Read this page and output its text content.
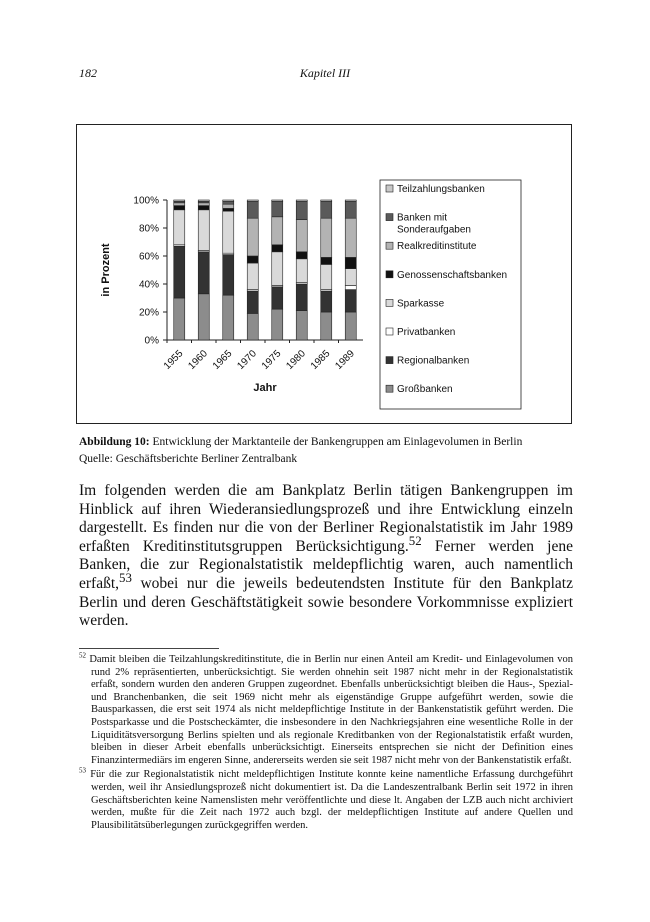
182	Kapitel III
0%
20%
40%
60%
80%
100%
1955 1960 1965 1970 1975 1980 1985 1989
in Prozent
Jahr
Teilzahlungsbanken
Banken mit
Sonderaufgaben
Realkreditinstitute
Genossenschaftsbanken
Sparkasse
Privatbanken
Regionalbanken
Großbanken
Abbildung 10: Entwicklung der Marktanteile der Bankengruppen am Einlagevolumen in Berlin
Quelle: Geschäftsberichte Berliner Zentralbank
Im folgenden werden die am Bankplatz Berlin tätigen Bankengruppen im Hinblick auf ihren Wiederansiedlungsprozeß und ihre Entwicklung einzeln dargestellt. Es finden nur die von der Berliner Regionalstatistik im Jahr 1989 erfaßten Kreditinstitutsgruppen Berücksichtigung.$^{52}$ Ferner werden jene Banken, die zur Regionalstatistik meldepflichtig waren, auch namentlich erfaßt,$^{53}$ wobei nur die jeweils bedeutendsten Institute für den Bankplatz Berlin und deren Geschäftstätigkeit sowie besondere Vorkommnisse expliziert werden.
$^{52}$ Damit bleiben die Teilzahlungskreditinstitute, die in Berlin nur einen Anteil am Kredit- und Einlagevolumen von rund 2% repräsentierten, unberücksichtigt. Sie werden ohnehin seit 1987 nicht mehr in der Regionalstatistik erfaßt, sondern wurden den anderen Gruppen zugeordnet. Ebenfalls unberücksichtigt bleiben die Haus-, Spezial- und Branchenbanken, die seit 1969 nicht mehr als eigenständige Gruppe aufgeführt werden, sowie die Bausparkassen, die erst seit 1974 als nicht meldepflichtige Institute in der Bankenstatistik geführt werden. Die Postsparkasse und die Postscheckämter, die insbesondere in den Nachkriegsjahren eine wesentliche Rolle in der Liquiditätsversorgung Berlins spielten und als regionale Kreditbanken von der Regionalstatistik erfaßt wurden, bleiben in dieser Arbeit ebenfalls unberücksichtigt. Einerseits entsprechen sie nicht der Definition eines Finanzintermediärs im engeren Sinne, andererseits werden sie seit 1987 nicht mehr von der Bankenstatistik erfaßt.
$^{53}$ Für die zur Regionalstatistik nicht meldepflichtigen Institute konnte keine namentliche Erfassung durchgeführt werden, weil ihr Ansiedlungsprozeß nicht dokumentiert ist. Da die Landeszentralbank Berlin seit 1972 in ihren Geschäftsberichten keine Namenslisten mehr veröffentlichte und diese lt. Angaben der LZB auch nicht archiviert werden, mußte für die Zeit nach 1972 auch bzgl. der meldepflichtigen Institute auf andere Quellen und Plausibilitätsüberlegungen zurückgegriffen werden.
